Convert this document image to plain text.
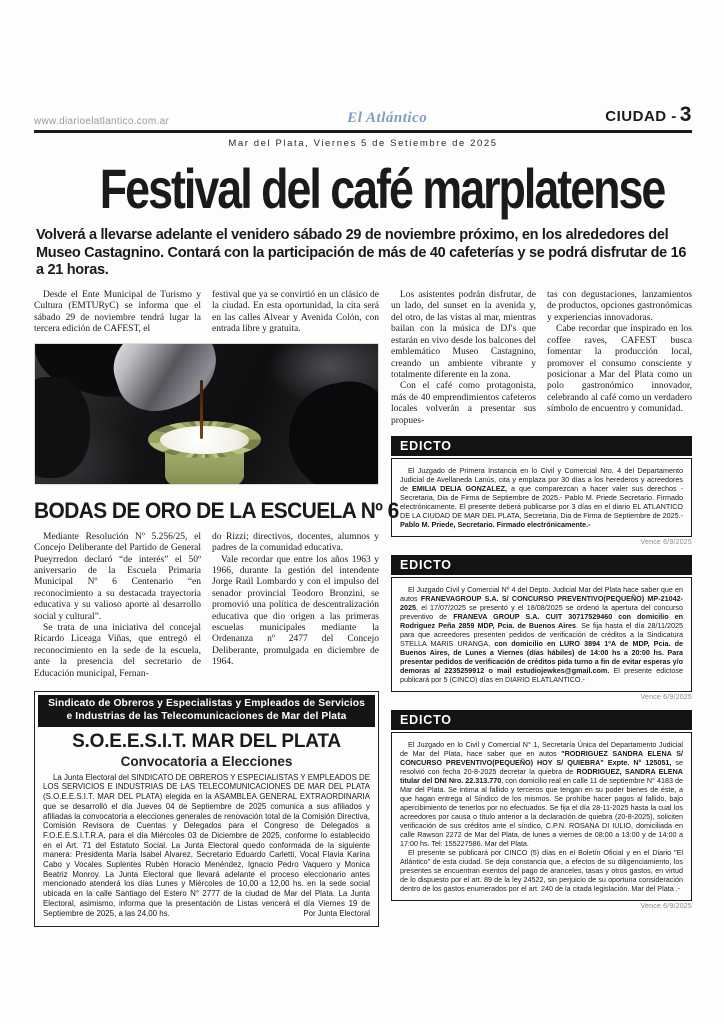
www.diarioelatlantico.com.ar	El Atlántico	CIUDAD - 3
Mar del Plata, Viernes 5 de Setiembre de 2025
Festival del café marplatense
Volverá a llevarse adelante el venidero sábado 29 de noviembre próximo, en los alrededores del Museo Castagnino. Contará con la participación de más de 40 cafeterías y se podrá disfrutar de 16 a 21 horas.

Desde el Ente Municipal de Turismo y Cultura (EMTURyC) se informa que el sábado 29 de noviembre tendrá lugar la tercera edición de CAFEST, el

festival que ya se convirtió en un clásico de la ciudad. En esta oportunidad, la cita será en las calles Alvear y Avenida Colón, con entrada libre y gratuita.

BODAS DE ORO DE LA ESCUELA Nº 6

Mediante Resolución Nº 5.256/25, el Concejo Deliberante del Partido de General Pueyrredon declaró “de interés” el 50º aniversario de la Escuela Primaria Municipal Nº 6 Centenario “en reconocimiento a su destacada trayectoria educativa y su valioso aporte al desarrollo social y cultural”.

Se trata de una iniciativa del concejal Ricardo Liceaga Viñas, que entregó el reconocimiento en la sede de la escuela, ante la presencia del secretario de Educación municipal, Fernan-

do Rizzi; directivos, docentes, alumnos y padres de la comunidad educativa.

Vale recordar que entre los años 1963 y 1966, durante la gestión del intendente Jorge Raúl Lombardo y con el impulso del senador provincial Teodoro Bronzini, se promovió una política de descentralización educativa que dio origen a las primeras escuelas municipales mediante la Ordenanza nº 2477 del Concejo Deliberante, promulgada en diciembre de 1964.

Sindicato de Obreros y Especialistas y Empleados de Servicios
e Industrias de las Telecomunicaciones de Mar del Plata
S.O.E.E.S.I.T. MAR DEL PLATA
Convocatoria a Elecciones

La Junta Electoral del SINDICATO DE OBREROS Y ESPECIALISTAS Y EMPLEADOS DE LOS SERVICIOS E INDUSTRIAS DE LAS TELECOMUNICACIONES DE MAR DEL PLATA (S.O.E.E.S.I.T. MAR DEL PLATA) elegida en la ASAMBLEA GENERAL EXTRAORDINARIA que se desarrolló el día Jueves 04 de Septiembre de 2025 comunica a sus afiliados y afiliadas la convocatoria a elecciones generales de renovación total de la Comisión Directiva, Comisión Revisora de Cuentas y Delegados para el Congreso de Delegados a F.O.E.E.S.I.T.R.A, para el día Miércoles 03 de Diciembre de 2025, conforme lo establecido en el Art. 71 del Estatuto Social. La Junta Electoral quedo conformada de la siguiente manera: Presidenta María Isabel Alvarez, Secretario Eduardo Carletti, Vocal Flavia Karina Cabo y Vocales Suplentes Rubén Horacio Menéndez, Ignacio Pedro Vaquero y Monica Beatriz Monroy. La Junta Electoral que llevará adelante el proceso eleccionario antes mencionado atenderá los días Lunes y Miércoles de 10,00 a 12,00 hs. en la sede social ubicada en la calle Santiago del Estero N° 2777 de la ciudad de Mar del Plata. La Junta Electoral, asimismo, informa que la presentación de Listas vencerá el día Viernes 19 de Septiembre de 2025, a las 24,00 hs.	Por Junta Electoral

Los asistentes podrán disfrutar, de un lado, del sunset en la avenida y, del otro, de las vistas al mar, mientras bailan con la música de DJ's que estarán en vivo desde los balcones del emblemático Museo Castagnino, creando un ambiente vibrante y totalmente diferente en la zona.

Con el café como protagonista, más de 40 emprendimientos cafeteros locales volverán a presentar sus propues-

tas con degustaciones, lanzamientos de productos, opciones gastronómicas y experiencias innovadoras.

Cabe recordar que inspirado en los coffee raves, CAFEST busca fomentar la producción local, promover el consumo consciente y posicionar a Mar del Plata como un polo gastronómico innovador, celebrando al café como un verdadero símbolo de encuentro y comunidad.

EDICTO

El Juzgado de Primera Instancia en lo Civil y Comercial Nro. 4 del Departamento Judicial de Avellaneda Lanús, cita y emplaza por 30 días a los herederos y acreedores de EMILIA DELIA GONZALEZ, a que comparezcan a hacer valer sus derechos - Secretaria, Dia de Firma de Septiembre de 2025.- Pablo M. Priede Secretario. Firmado electrónicamente. El presente deberá publicarse por 3 días en el diario EL ATLANTICO DE LA CIUDAD DE MAR DEL PLATA, Secretaria, Dia de Firma de Septiembre de 2025.- Pablo M. Priede, Secretario. Firmado electrónicamente.-

Vence 6/9/2025
EDICTO

El Juzgado Civil y Comercial Nº 4 del Depto. Judicial Mar del Plata hace saber que en autos FRANEVAGROUP S.A. S/ CONCURSO PREVENTIVO(PEQUEÑO) MP-21042-2025, el 17/07/2025 se presentó y el 18/08/2025 se ordenó la apertura del concurso preventivo de FRANEVA GROUP S.A. CUIT 30717529460 con domicilio en Rodriguez Peña 2859 MDP, Pcia. de Buenos Aires. Se fija hasta el día 28/11/2025 para que acreedores presenten pedidos de verificación de créditos a la Sindicatura STELLA MARIS URANGA, con domicilio en LURO 3894 1ºA de MDP, Pcia. de Buenos Aires, de Lunes a Viernes (días hábiles) de 14:00 hs a 20:00 hs. Para presentar pedidos de verificación de créditos pida turno a fin de evitar esperas y/o demoras al 2235259912 o mail estudiojewkes@gmail.com. El presente edictose publicará por 5 (CINCO) días en DIARIO ELATLANTICO.-

Vence 6/9/2025
EDICTO

El Juzgado en lo Civil y Comercial N° 1, Secretaría Única del Departamento Judicial de Mar del Plata, hace saber que en autos "RODRIGUEZ SANDRA ELENA S/ CONCURSO PREVENTIVO(PEQUEÑO) HOY S/ QUIEBRA" Expte. N° 125051, se resolvió con fecha 20-8-2025 decretar la quiebra de RODRIGUEZ, SANDRA ELENA titular del DNI Nro. 22.313.770, con domicilio real en calle 11 de septiembre N° 4183 de Mar del Plata. Se intima al fallido y terceros que tengan en su poder bienes de éste, a que hagan entrega al Síndico de los mismos. Se prohíbe hacer pagos al fallido, bajo apercibimiento de tenerlos por no efectuados. Se fija el día 28-11-2025 hasta la cual los acreedores por causa o título anterior a la declaración de quiebra (20-8-2025), soliciten verificación de sus créditos ante el síndico, C.P.N. ROSANA DI IULIO, domiciliada en calle Rawson 2272 de Mar del Plata, de lunes a viernes de 08:00 a 13:00 y de 14:00 a 17:00 hs. Tel: 155227586. Mar del Plata.

El presente se publicará por CINCO (5) días en el Boletín Oficial y en el Diario "El Atlántico" de esta ciudad. Se deja constancia que, a efectos de su diligenciamiento, los presentes se encuentran exentos del pago de aranceles, tasas y otros gastos, en virtud de lo dispuesto por el art. 89 de la ley 24522, sin perjuicio de su oportuna consideración dentro de los gastos enumerados por el art. 240 de la citada legislación. Mar del Plata .-

Vence 6/9/2025
